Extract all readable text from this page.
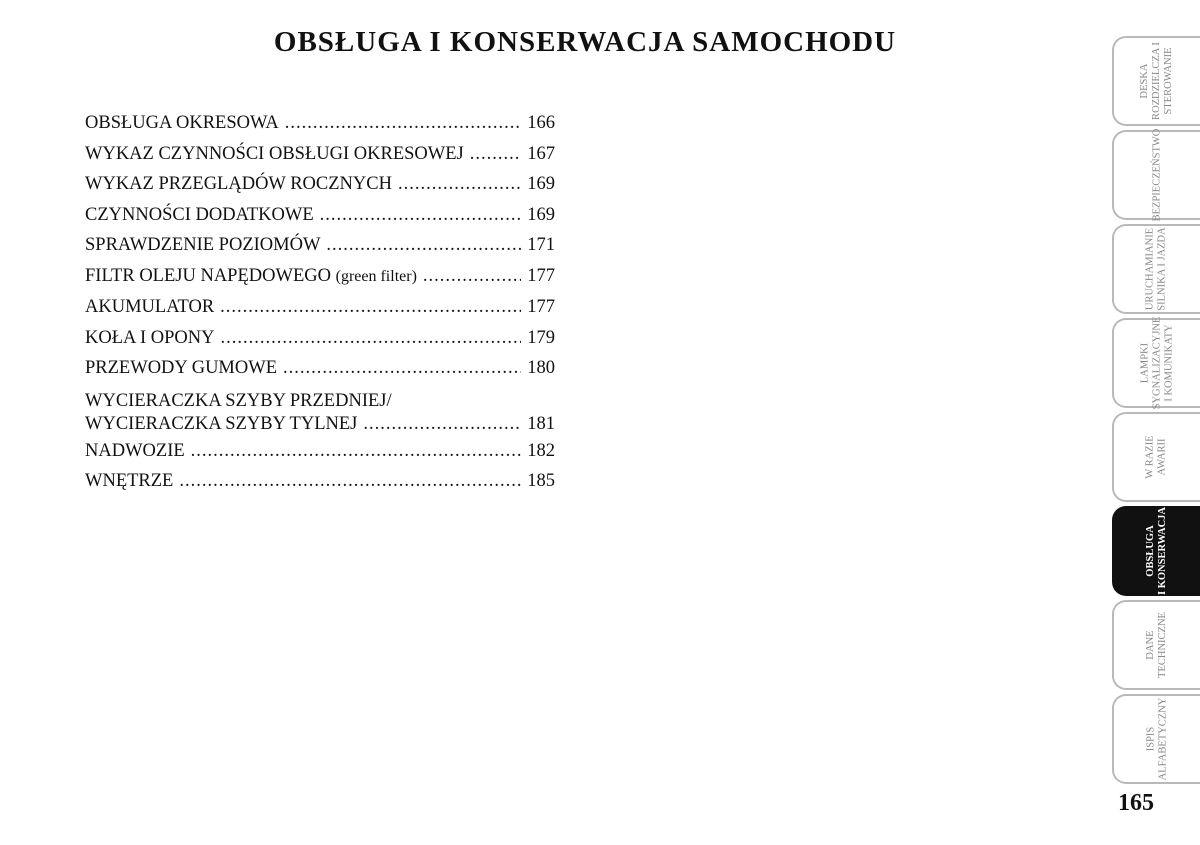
OBSŁUGA I KONSERWACJA SAMOCHODU
OBSŁUGA OKRESOWA .....	166
WYKAZ CZYNNOŚCI OBSŁUGI OKRESOWEJ .....	167
WYKAZ PRZEGLĄDÓW ROCZNYCH .....	169
CZYNNOŚCI DODATKOWE .....	169
SPRAWDZENIE POZIOMÓW .....	171
FILTR OLEJU NAPĘDOWEGO (green filter) .....	177
AKUMULATOR .....	177
KOŁA I OPONY .....	179
PRZEWODY GUMOWE .....	180
WYCIERACZKA SZYBY PRZEDNIEJ/
WYCIERACZKA SZYBY TYLNEJ .....	181
NADWOZIE .....	182
WNĘTRZE .....	185
DESKA ROZDZIELCZA I STEROWANIE
BEZPIECZEŃSTWO
URUCHAMIANIE SILNIKA I JAZDA
LAMPKI SYGNALIZACYJNE I KOMUNIKATY
W RAZIE AWARII
OBSŁUGA I KONSERWACJA
DANE TECHNICZNE
ISPIS ALFABETYCZNY
165
